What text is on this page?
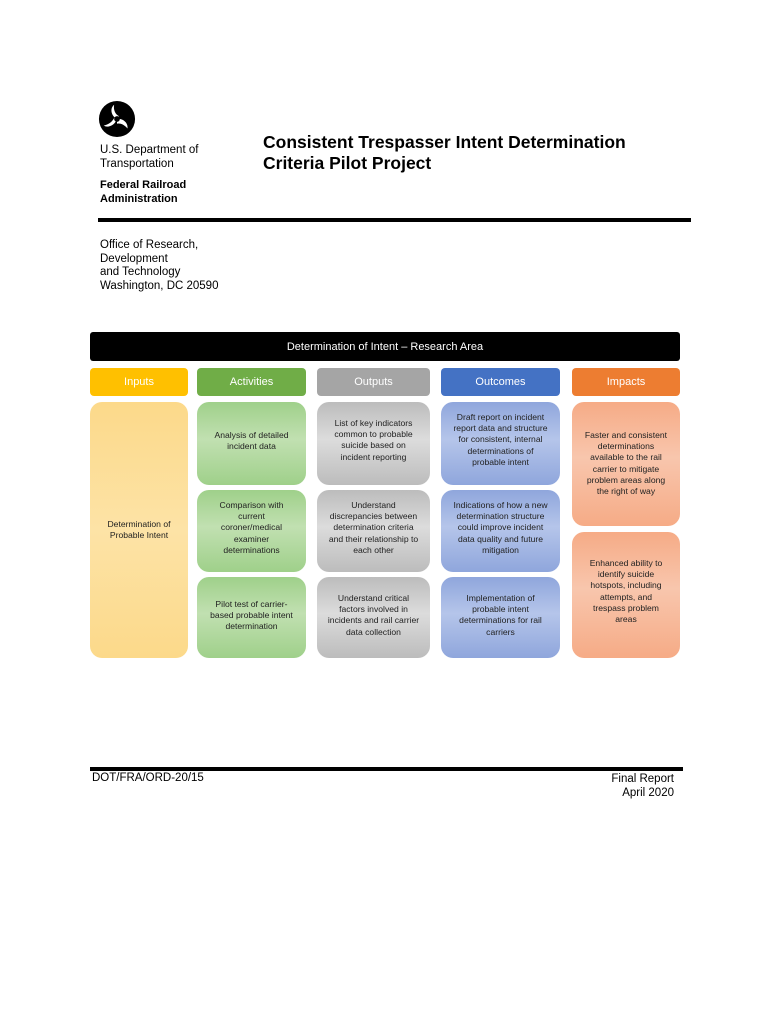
U.S. Department of
Transportation
Federal Railroad
Administration
Consistent Trespasser Intent Determination
Criteria Pilot Project
Office of Research,
Development
and Technology
Washington, DC 20590
Determination of Intent – Research Area
Inputs	Activities	Outputs	Outcomes	Impacts
Determination of
Probable Intent
Analysis of detailed
incident data
Comparison with
current
coroner/medical
examiner
determinations
Pilot test of carrier-
based probable intent
determination
List of key indicators
common to probable
suicide based on
incident reporting
Understand
discrepancies between
determination criteria
and their relationship to
each other
Understand critical
factors involved in
incidents and rail carrier
data collection
Draft report on incident
report data and structure
for consistent, internal
determinations of
probable intent
Indications of how a new
determination structure
could improve incident
data quality and future
mitigation
Implementation of
probable intent
determinations for rail
carriers
Faster and consistent
determinations
available to the rail
carrier to mitigate
problem areas along
the right of way
Enhanced ability to
identify suicide
hotspots, including
attempts, and
trespass problem
areas
DOT/FRA/ORD-20/15	Final Report
April 2020
